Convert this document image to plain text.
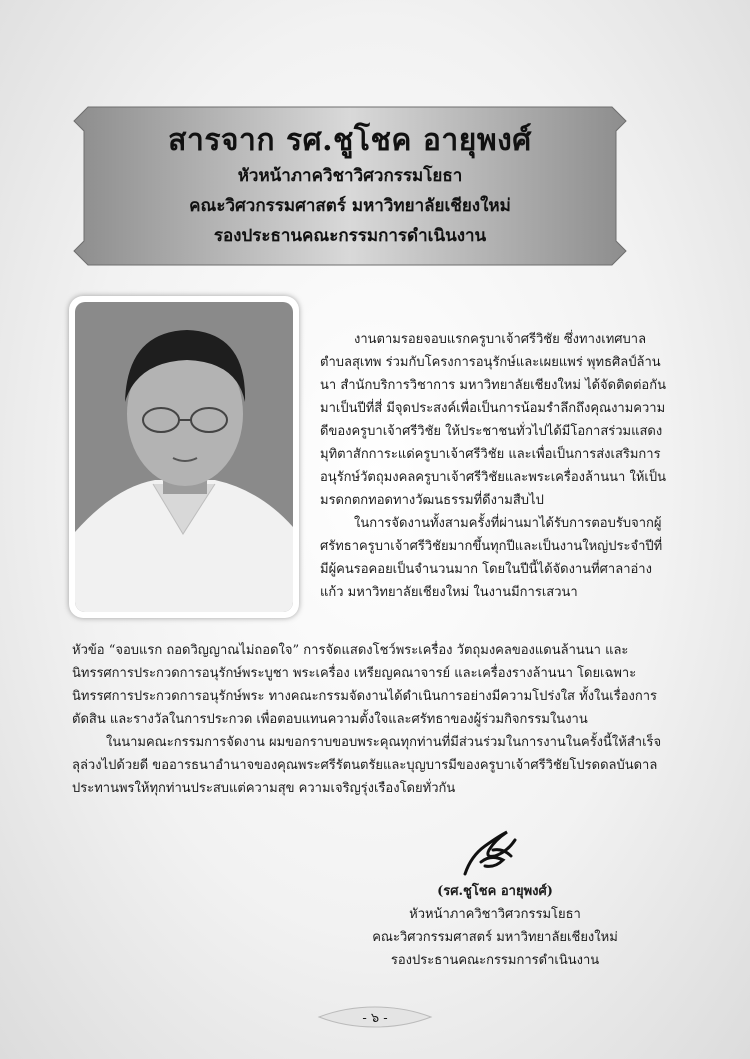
สารจาก รศ.ชูโชค อายุพงศ์
หัวหน้าภาควิชาวิศวกรรมโยธา
คณะวิศวกรรมศาสตร์ มหาวิทยาลัยเชียงใหม่
รองประธานคณะกรรมการดำเนินงาน

งานตามรอยจอบแรกครูบาเจ้าศรีวิชัย ซึ่งทางเทศบาลตำบลสุเทพ ร่วมกับโครงการอนุรักษ์และเผยแพร่ พุทธศิลป์ล้านนา สำนักบริการวิชาการ มหาวิทยาลัยเชียงใหม่ ได้จัดติดต่อกันมาเป็นปีที่สี่ มีจุดประสงค์เพื่อเป็นการน้อมรำลึกถึงคุณงามความดีของครูบาเจ้าศรีวิชัย ให้ประชาชนทั่วไปได้มีโอกาสร่วมแสดงมุทิตาสักการะแด่ครูบาเจ้าศรีวิชัย และเพื่อเป็นการส่งเสริมการอนุรักษ์วัตถุมงคลครูบาเจ้าศรีวิชัยและพระเครื่องล้านนา ให้เป็นมรดกตกทอดทางวัฒนธรรมที่ดีงามสืบไป

ในการจัดงานทั้งสามครั้งที่ผ่านมาได้รับการตอบรับจากผู้ศรัทธาครูบาเจ้าศรีวิชัยมากขึ้นทุกปีและเป็นงานใหญ่ประจำปีที่มีผู้คนรอคอยเป็นจำนวนมาก โดยในปีนี้ได้จัดงานที่ศาลาอ่างแก้ว มหาวิทยาลัยเชียงใหม่ ในงานมีการเสวนา

หัวข้อ “จอบแรก ถอดวิญญาณไม่ถอดใจ” การจัดแสดงโชว์พระเครื่อง วัตถุมงคลของแดนล้านนา และนิทรรศการประกวดการอนุรักษ์พระบูชา พระเครื่อง เหรียญคณาจารย์ และเครื่องรางล้านนา โดยเฉพาะนิทรรศการประกวดการอนุรักษ์พระ ทางคณะกรรมจัดงานได้ดำเนินการอย่างมีความโปร่งใส ทั้งในเรื่องการตัดสิน และรางวัลในการประกวด เพื่อตอบแทนความตั้งใจและศรัทธาของผู้ร่วมกิจกรรมในงาน

ในนามคณะกรรมการจัดงาน ผมขอกราบขอบพระคุณทุกท่านที่มีส่วนร่วมในการงานในครั้งนี้ให้สำเร็จลุล่วงไปด้วยดี ขออารธนาอำนาจของคุณพระศรีรัตนตรัยและบุญบารมีของครูบาเจ้าศรีวิชัยโปรดดลบันดาลประทานพรให้ทุกท่านประสบแต่ความสุข ความเจริญรุ่งเรืองโดยทั่วกัน

(รศ.ชูโชค อายุพงศ์)
หัวหน้าภาควิชาวิศวกรรมโยธา
คณะวิศวกรรมศาสตร์ มหาวิทยาลัยเชียงใหม่
รองประธานคณะกรรมการดำเนินงาน
- ๖ -
